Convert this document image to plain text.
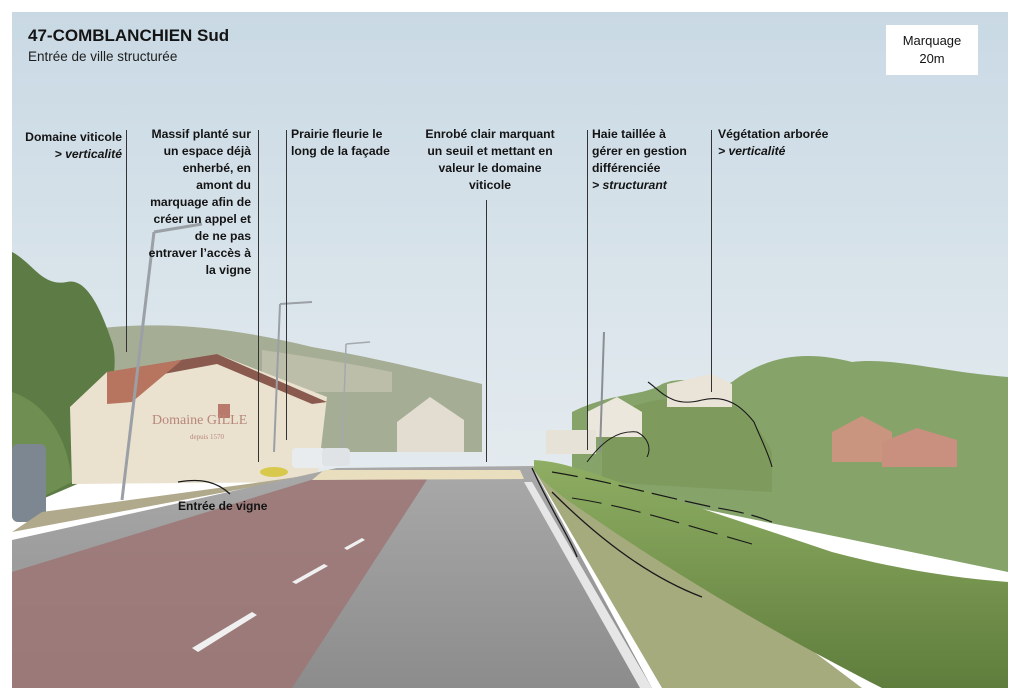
Domaine GILLE
depuis 1570
47-COMBLANCHIEN Sud

Entrée de ville structurée

Marquage
20m
Domaine viticole
> verticalité
Massif planté sur
un espace déjà
enherbé, en
amont du
marquage afin de
créer un appel et
de ne pas
entraver l’accès à
la vigne
Prairie fleurie le
long de la façade
Enrobé clair marquant
un seuil et mettant en
valeur le domaine
viticole
Haie taillée à
gérer en gestion
différenciée
> structurant
Végétation arborée
> verticalité
Entrée de vigne
